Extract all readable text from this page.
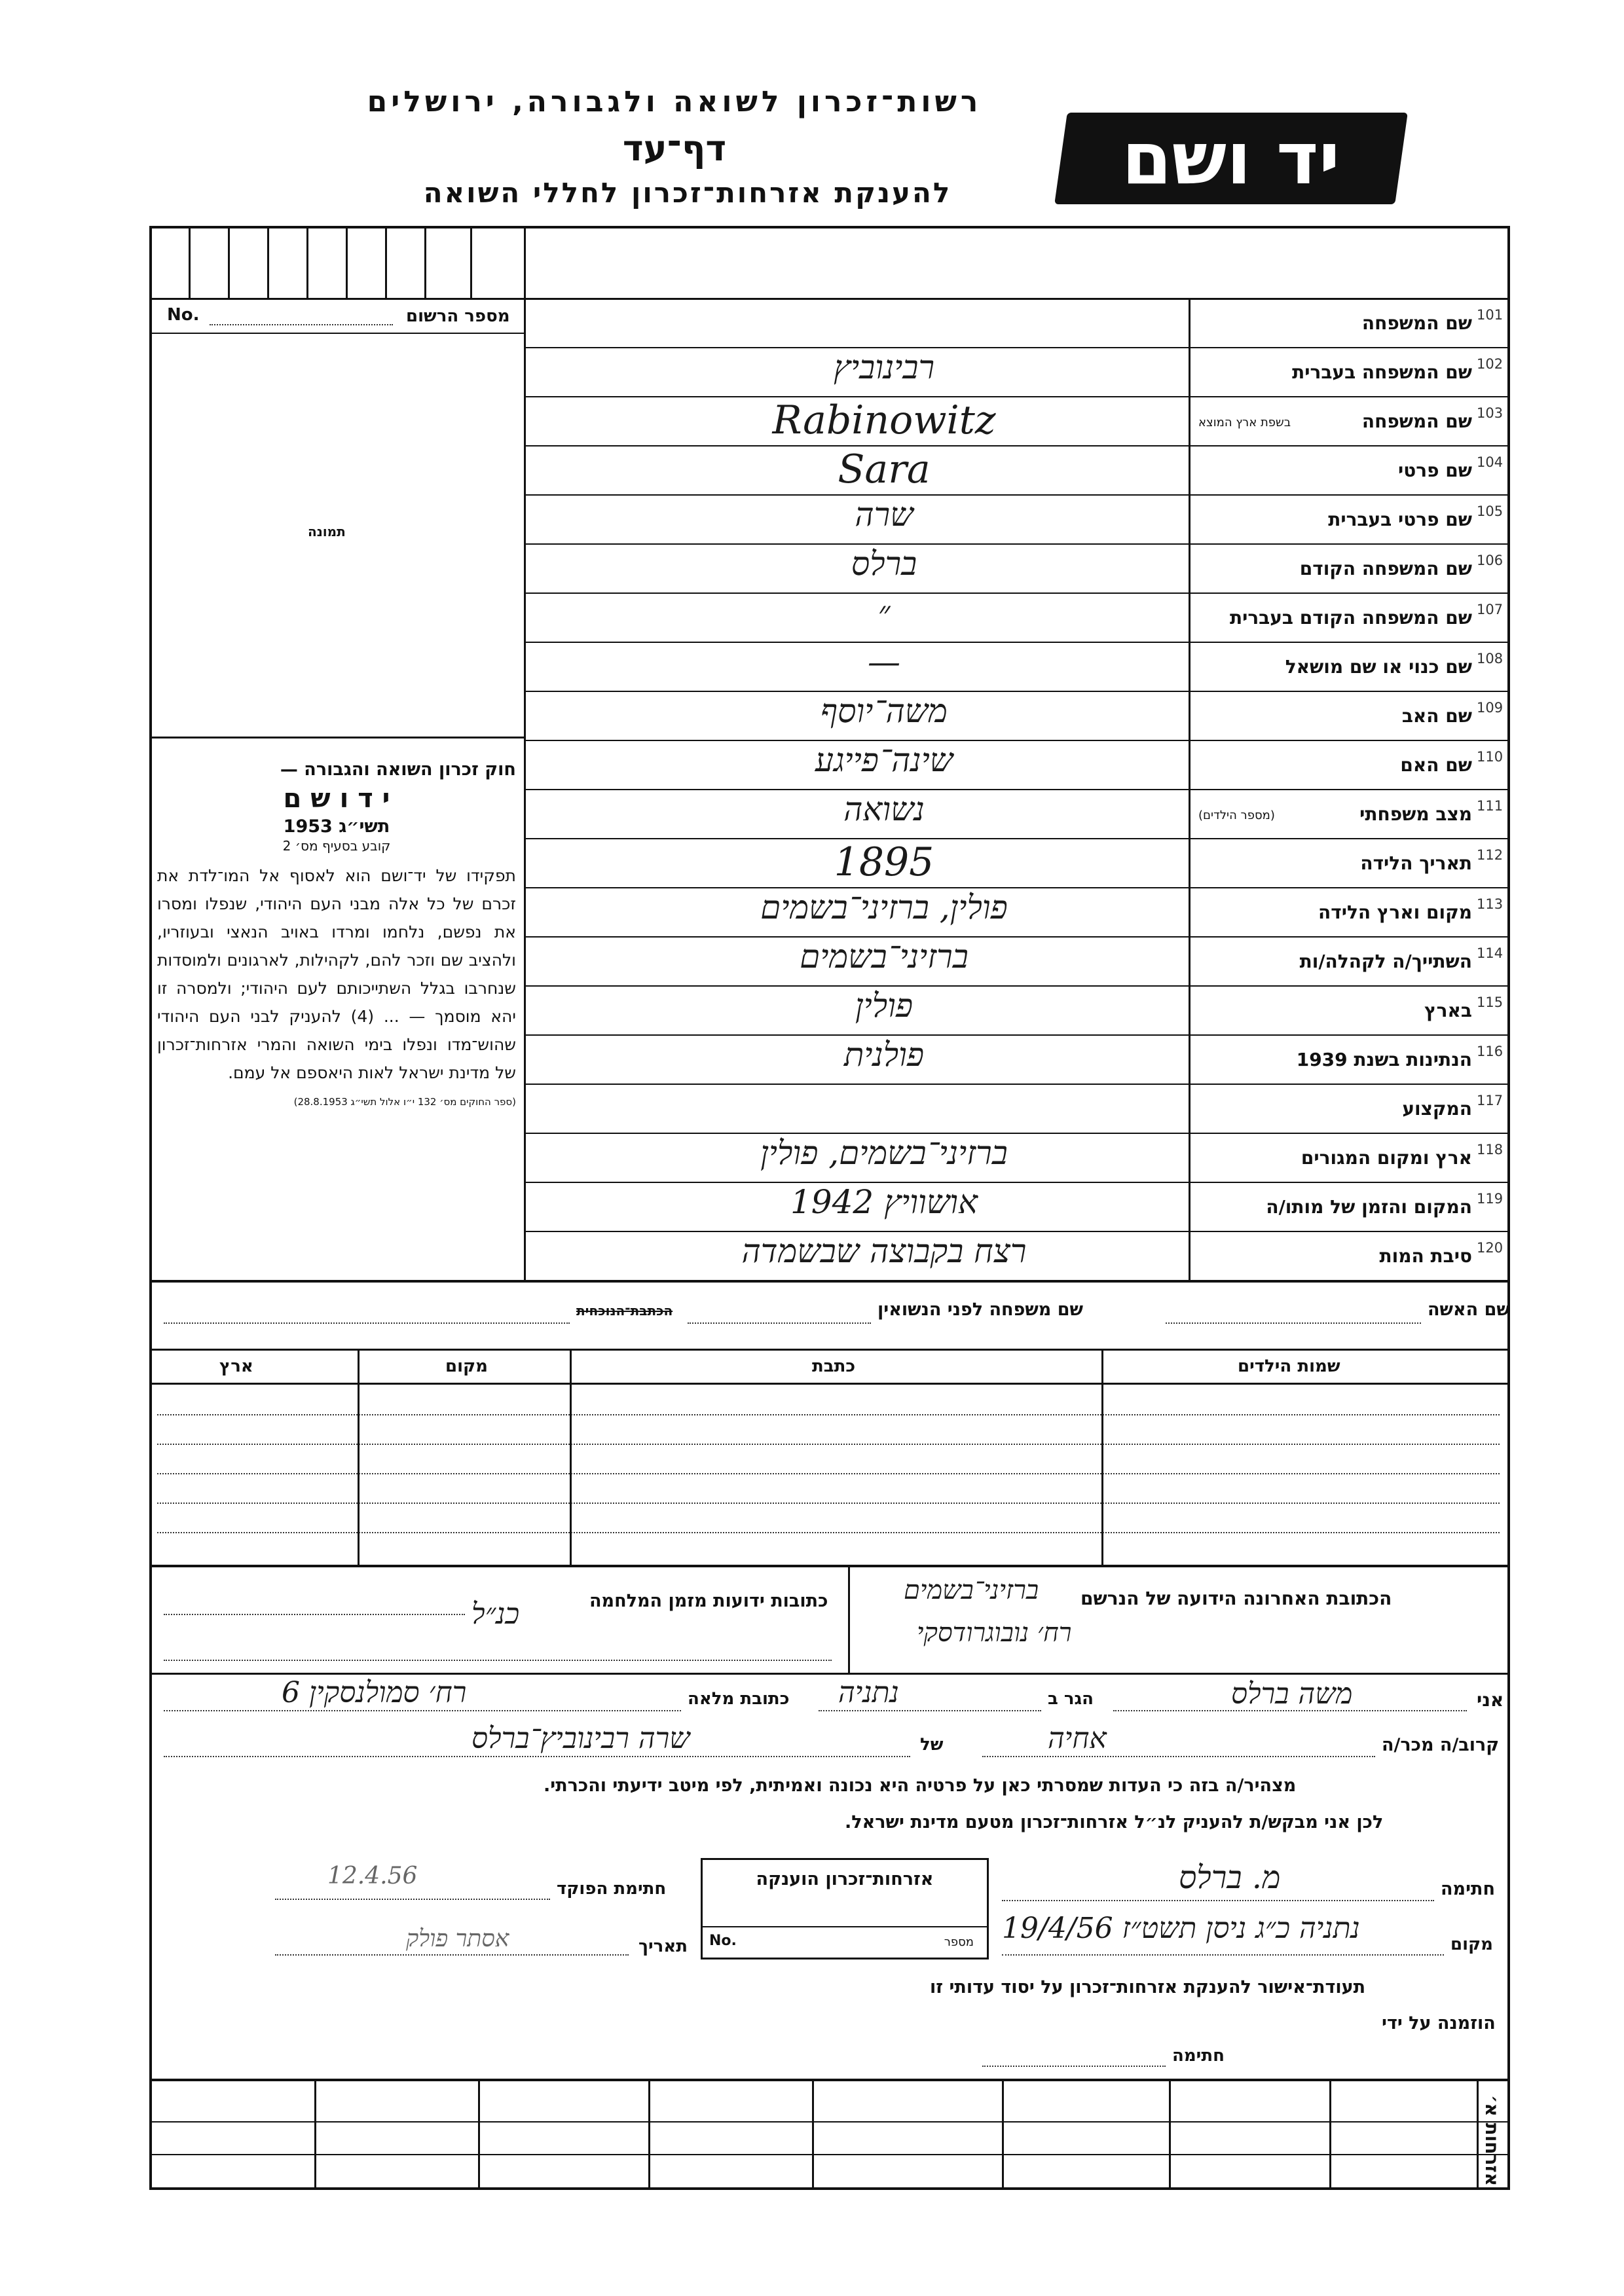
רשות־זכרון לשואה ולגבורה, ירושלים
דף־עד
להענקת אזרחות־זכרון לחללי השואה	יד ושם
מספר הרשום
No.
תמונה
חוק זכרון השואה והגבורה —
י ד ו ש ם
תשי״ג 1953
קובע בסעיף מס׳ 2
תפקידו של יד־ושם הוא לאסוף אל המו־לדת את זכרם של כל אלה מבני העם היהודי, שנפלו ומסרו את נפשם, נלחמו ומרדו באויב הנאצי ובעוזריו, ולהציב שם וזכר להם, לקהילות, לארגונים ולמוסדות שנחרבו בגלל השתייכותם לעם היהודי; ולמסרה זו יהא מוסמך — ... (4) להעניק לבני העם היהודי שהוש־מדו ונפלו בימי השואה והמרי אזרחות־זכרון של מדינת ישראל לאות היאספם אל עמם.
(ספר החוקים מס׳ 132 י״ו אלול תשי״ג 28.8.1953)
101
שם המשפחה
102
שם המשפחה בעברית
רבינוביץ
103
שם המשפחה
בשפת ארץ המוצא
Rabinowitz
104
שם פרטי
Sara
105
שם פרטי בעברית
שרה
106
שם המשפחה הקודם
ברלס
107
שם המשפחה הקודם בעברית
״
108
שם כנוי או שם מושאל
—
109
שם האב
משה־יוסף
110
שם האם
שינה־פייגע
111
מצב משפחתי
(מספר הילדים)
נשואה
112
תאריך הלידה
1895
113
מקום וארץ הלידה
פולין, ברזיני־בשמים
114
השתייך/ה לקהלה/ות
ברזיני־בשמים
115
בארץ
פולין
116
הנתינות בשנת 1939
פולנית
117
המקצוע
118
ארץ ומקום המגורים
ברזיני־בשמים, פולין
119
המקום והזמן של מותו/ה
אושוויץ 1942
120
סיבת המות
רצח בקבוצה שבשמדה
שם האשה
שם משפחה לפני הנשואין
הכתבת־הנוכחית
שמות הילדים
כתבת
מקום
ארץ
הכתובת האחרונה הידועה של הנרשם
ברזיני־בשמים
רח׳ נובוגרודסקי
כתובות ידועות מזמן המלחמה
כנ״ל
אני
משה ברלס
הגר ב
נתניה
כתובת מלאה
רח׳ סמולנסקין 6
קרוב/ה מכר/ה
אחיה
של
שרה רבינוביץ־ברלס
מצהיר/ה בזה כי העדות שמסרתי כאן על פרטיה היא נכונה ואמיתית, לפי מיטב ידיעתי והכרתי.
לכן אני מבקש/ת להעניק לנ״ל אזרחות־זכרון מטעם מדינת ישראל.
חתימה
מ. ברלס
מקום
נתניה כ״ג ניסן תשט״ז 19/4/56
אזרחות־זכרון הוענקה
No.	מספר
חתימת הפוקד
12.4.56
תאריך
אסתר פולק
תעודת־אישור להענקת אזרחות־זכרון על יסוד עדותי זו
הוזמנה על ידי
חתימה
אזרחות א׳
